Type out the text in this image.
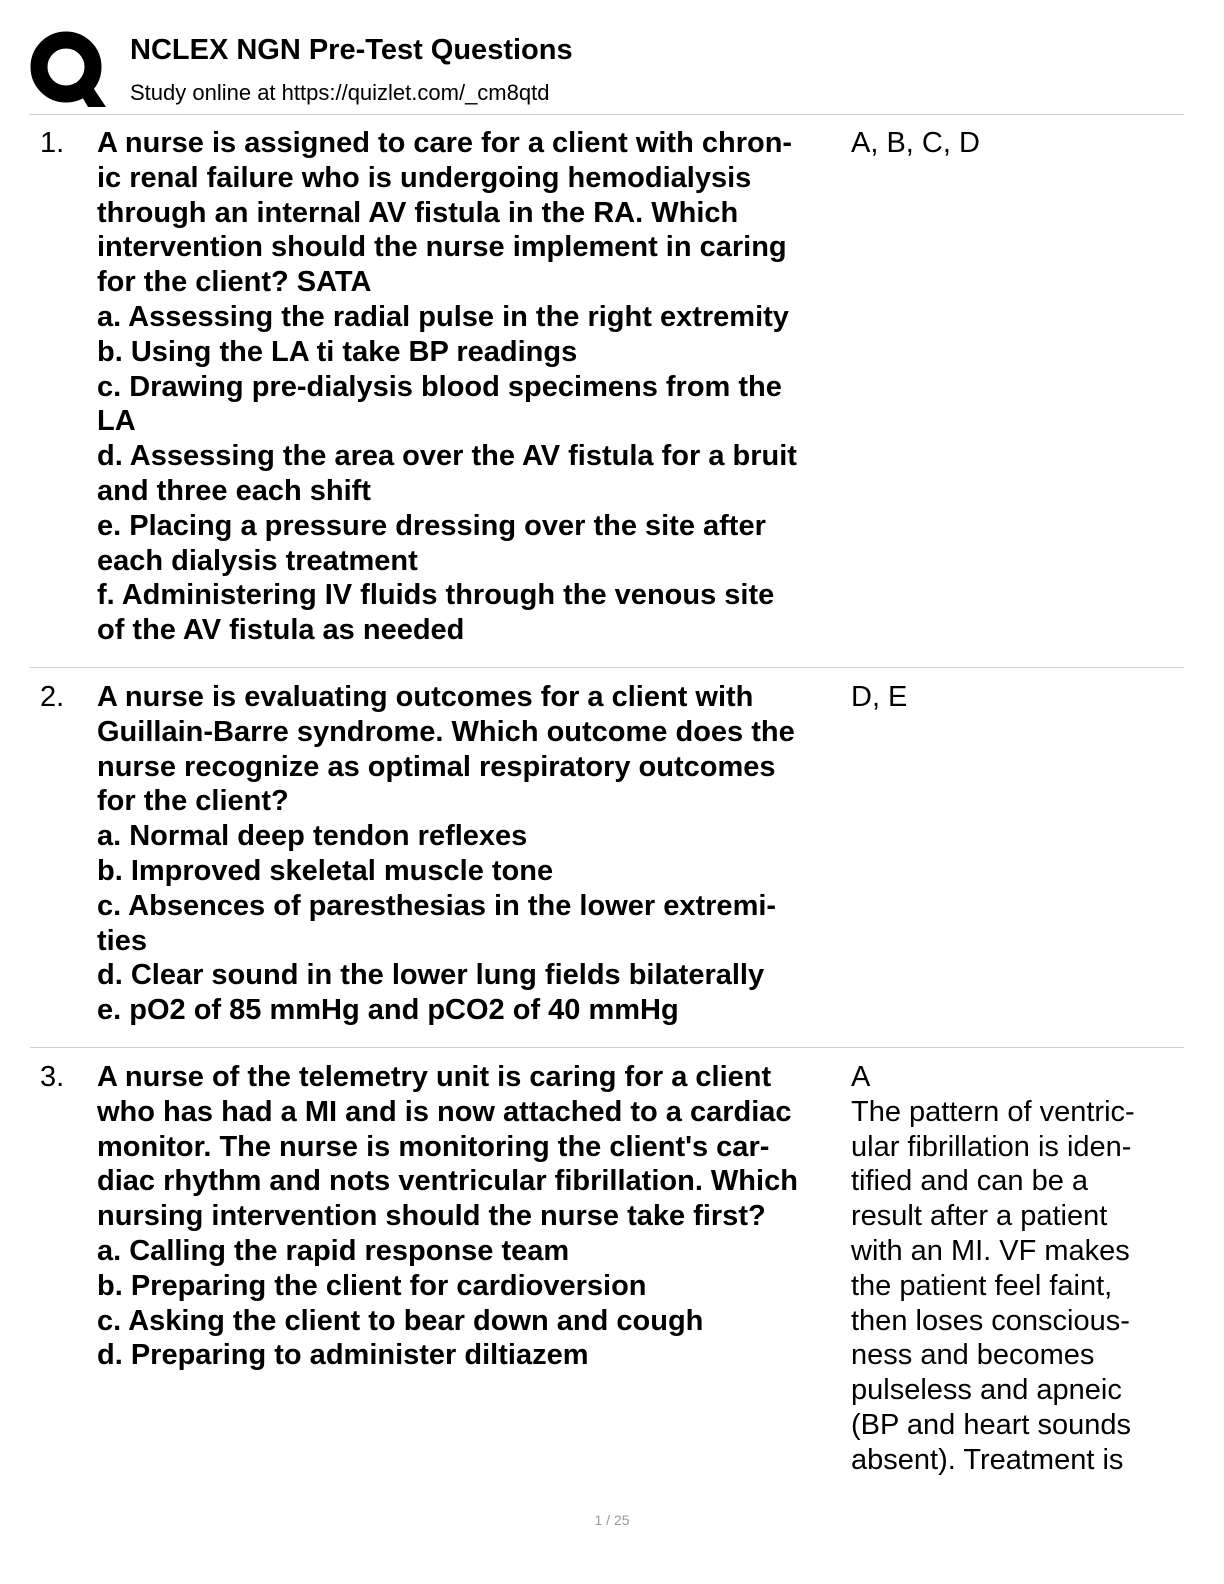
NCLEX NGN Pre-Test Questions
Study online at https://quizlet.com/_cm8qtd
1. A nurse is assigned to care for a client with chron-
ic renal failure who is undergoing hemodialysis
through an internal AV fistula in the RA. Which
intervention should the nurse implement in caring
for the client? SATA
a. Assessing the radial pulse in the right extremity
b. Using the LA ti take BP readings
c. Drawing pre-dialysis blood specimens from the
LA
d. Assessing the area over the AV fistula for a bruit
and three each shift
e. Placing a pressure dressing over the site after
each dialysis treatment
f. Administering IV fluids through the venous site
of the AV fistula as needed
A, B, C, D
2. A nurse is evaluating outcomes for a client with
Guillain-Barre syndrome. Which outcome does the
nurse recognize as optimal respiratory outcomes
for the client?
a. Normal deep tendon reflexes
b. Improved skeletal muscle tone
c. Absences of paresthesias in the lower extremi-
ties
d. Clear sound in the lower lung fields bilaterally
e. pO2 of 85 mmHg and pCO2 of 40 mmHg
D, E
3. A nurse of the telemetry unit is caring for a client
who has had a MI and is now attached to a cardiac
monitor. The nurse is monitoring the client's car-
diac rhythm and nots ventricular fibrillation. Which
nursing intervention should the nurse take first?
a. Calling the rapid response team
b. Preparing the client for cardioversion
c. Asking the client to bear down and cough
d. Preparing to administer diltiazem
A
The pattern of ventric-
ular fibrillation is iden-
tified and can be a
result after a patient
with an MI. VF makes
the patient feel faint,
then loses conscious-
ness and becomes
pulseless and apneic
(BP and heart sounds
absent). Treatment is
1 / 25
